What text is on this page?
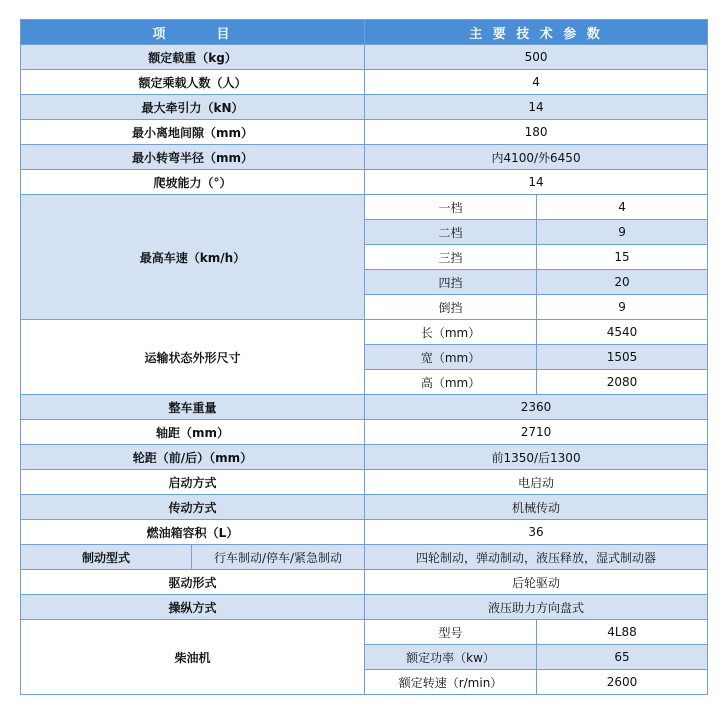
项　　　目		主 要 技 术 参 数	
额定载重（kg）		500	
额定乘载人数（人）		4	
最大牵引力（kN）		14	
最小离地间隙（mm）		180	
最小转弯半径（mm）		内4100/外6450	
爬坡能力（°）		14	
最高车速（km/h）		一档	4
		二档	9
		三挡	15
		四挡	20
		倒挡	9
运输状态外形尺寸		长（mm）	4540
		宽（mm）	1505
		高（mm）	2080
整车重量		2360	
轴距（mm）		2710	
轮距（前/后）（mm）		前1350/后1300	
启动方式		电启动	
传动方式		机械传动	
燃油箱容积（L）		36	
制动型式	行车制动/停车/紧急制动	四轮制动，弹动制动，液压释放，湿式制动器	
驱动形式		后轮驱动	
操纵方式		液压助力方向盘式	
柴油机		型号	4L88
		额定功率（kw）	65
		额定转速（r/min）	2600
